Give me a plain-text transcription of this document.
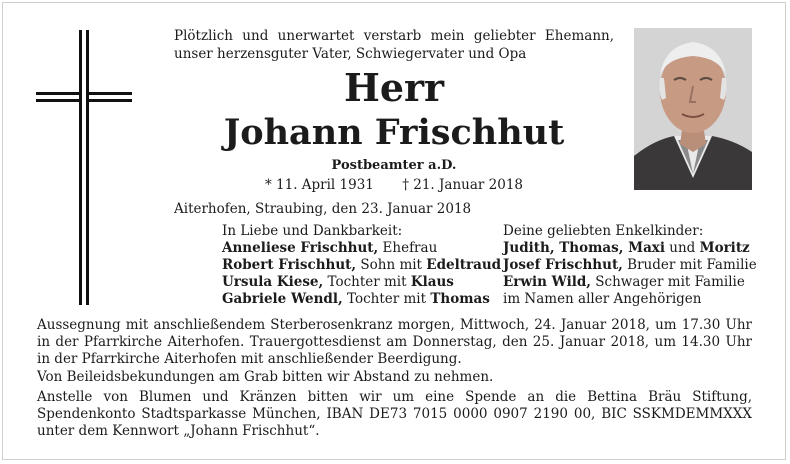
Plötzlich und unerwartet verstarb mein geliebter Ehemann,
unser herzensguter Vater, Schwiegervater und Opa
Herr
Johann Frischhut
Postbeamter a.D.
* 11. April 1931 † 21. Januar 2018
Aiterhofen, Straubing, den 23. Januar 2018
In Liebe und Dankbarkeit:
Anneliese Frischhut, Ehefrau
Robert Frischhut, Sohn mit Edeltraud
Ursula Kiese, Tochter mit Klaus
Gabriele Wendl, Tochter mit Thomas
Deine geliebten Enkelkinder:
Judith, Thomas, Maxi und Moritz
Josef Frischhut, Bruder mit Familie
Erwin Wild, Schwager mit Familie
im Namen aller Angehörigen
Aussegnung mit anschließendem Sterberosenkranz morgen, Mittwoch, 24. Januar 2018, um 17.30 Uhr in der Pfarrkirche Aiterhofen. Trauergottesdienst am Donnerstag, den 25. Januar 2018, um 14.30 Uhr in der Pfarrkirche Aiterhofen mit anschließender Beerdigung.
Von Beileidsbekundungen am Grab bitten wir Abstand zu nehmen.
Anstelle von Blumen und Kränzen bitten wir um eine Spende an die Bettina Bräu Stiftung, Spendenkonto Stadtsparkasse München, IBAN DE73 7015 0000 0907 2190 00, BIC SSKMDEMMXXX unter dem Kennwort „Johann Frischhut“.
